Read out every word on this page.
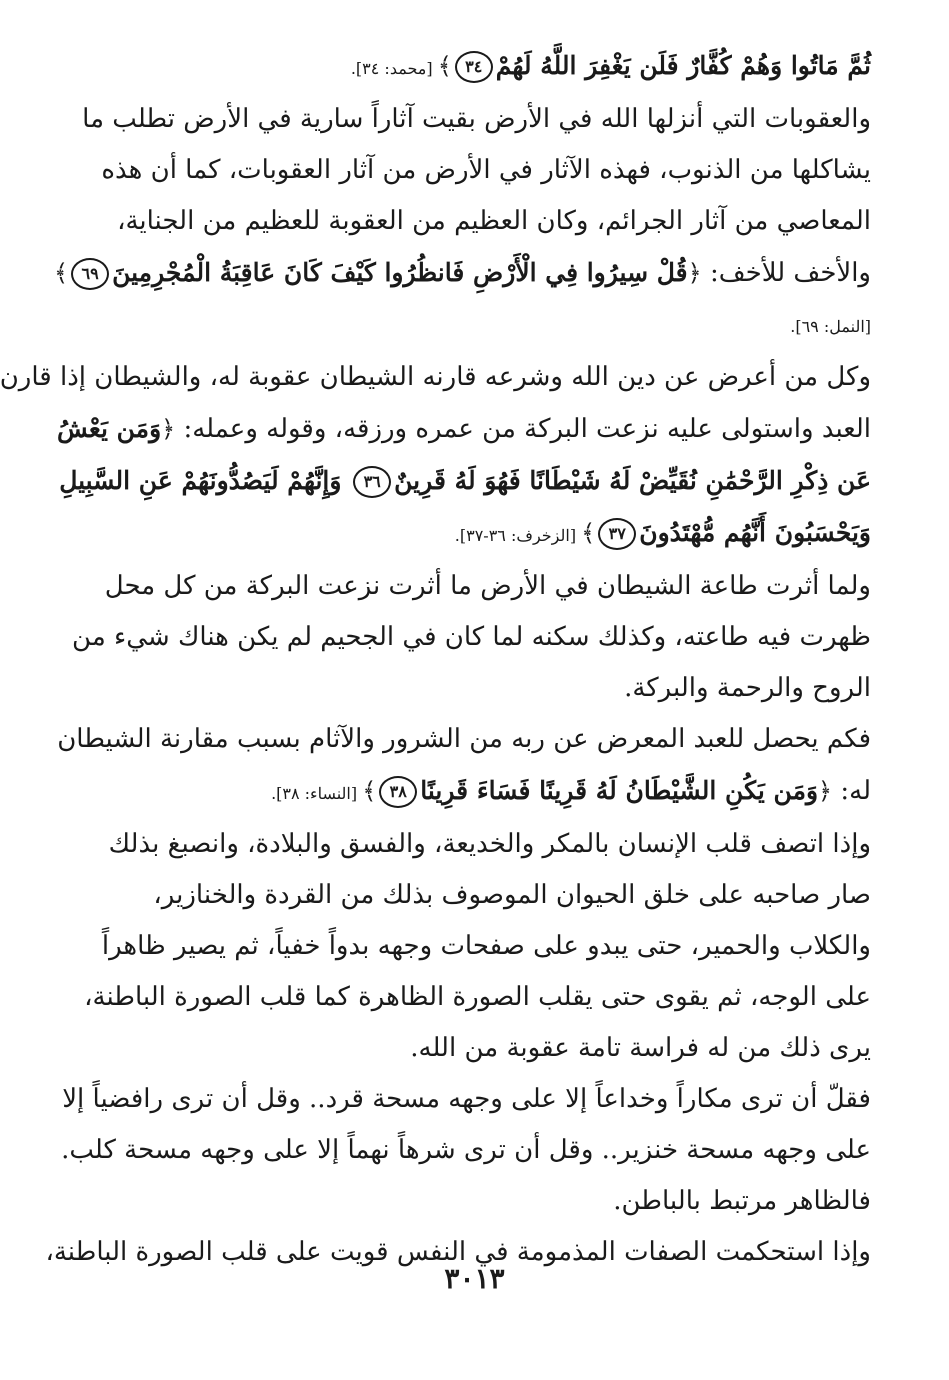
ثُمَّ مَاتُوا وَهُمْ كُفَّارٌ فَلَن يَغْفِرَ اللَّهُ لَهُمْ٣٤﴾ [محمد: ٣٤].

والعقوبات التي أنزلها الله في الأرض بقيت آثاراً سارية في الأرض تطلب ما
يشاكلها من الذنوب، فهذه الآثار في الأرض من آثار العقوبات، كما أن هذه
المعاصي من آثار الجرائم، وكان العظيم من العقوبة للعظيم من الجناية،
والأخف للأخف: ﴿قُلْ سِيرُوا فِي الْأَرْضِ فَانظُرُوا كَيْفَ كَانَ عَاقِبَةُ الْمُجْرِمِينَ٦٩﴾
[النمل: ٦٩].

وكل من أعرض عن دين الله وشرعه قارنه الشيطان عقوبة له، والشيطان إذا قارن
العبد واستولى عليه نزعت البركة من عمره ورزقه، وقوله وعمله: ﴿وَمَن يَعْشُ
عَن ذِكْرِ الرَّحْمَٰنِ نُقَيِّضْ لَهُ شَيْطَانًا فَهُوَ لَهُ قَرِينٌ٣٦ وَإِنَّهُمْ لَيَصُدُّونَهُمْ عَنِ السَّبِيلِ
وَيَحْسَبُونَ أَنَّهُم مُّهْتَدُونَ٣٧﴾ [الزخرف: ٣٦-٣٧].

ولما أثرت طاعة الشيطان في الأرض ما أثرت نزعت البركة من كل محل
ظهرت فيه طاعته، وكذلك سكنه لما كان في الجحيم لم يكن هناك شيء من
الروح والرحمة والبركة.

فكم يحصل للعبد المعرض عن ربه من الشرور والآثام بسبب مقارنة الشيطان
له: ﴿وَمَن يَكُنِ الشَّيْطَانُ لَهُ قَرِينًا فَسَاءَ قَرِينًا٣٨﴾ [النساء: ٣٨].

وإذا اتصف قلب الإنسان بالمكر والخديعة، والفسق والبلادة، وانصبغ بذلك
صار صاحبه على خلق الحيوان الموصوف بذلك من القردة والخنازير،
والكلاب والحمير، حتى يبدو على صفحات وجهه بدواً خفياً، ثم يصير ظاهراً
على الوجه، ثم يقوى حتى يقلب الصورة الظاهرة كما قلب الصورة الباطنة،
يرى ذلك من له فراسة تامة عقوبة من الله.

فقلّ أن ترى مكاراً وخداعاً إلا على وجهه مسحة قرد.. وقل أن ترى رافضياً إلا
على وجهه مسحة خنزير.. وقل أن ترى شرهاً نهماً إلا على وجهه مسحة كلب.
فالظاهر مرتبط بالباطن.

وإذا استحكمت الصفات المذمومة في النفس قويت على قلب الصورة الباطنة،

٣٠١٣
